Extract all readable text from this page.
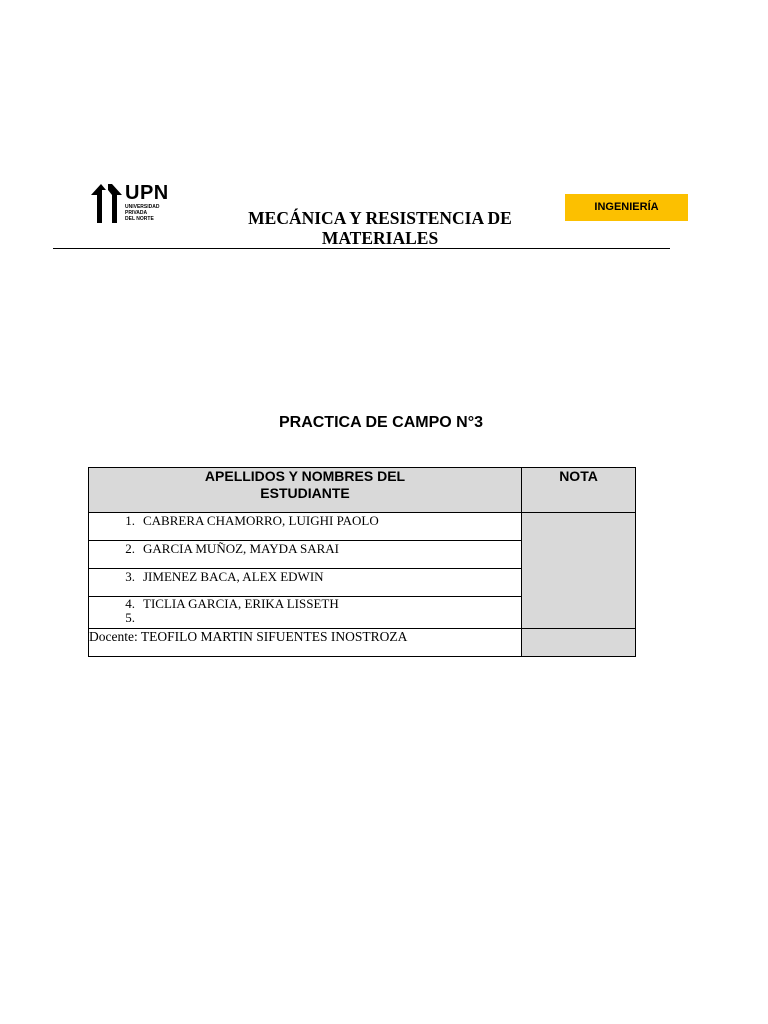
UPN
UNIVERSIDAD
PRIVADA
DEL NORTE	MECÁNICA Y RESISTENCIA DE
MATERIALES
INGENIERÍA
PRACTICA DE CAMPO N°3
APELLIDOS Y NOMBRES DEL
ESTUDIANTE	NOTA
1. CABRERA CHAMORRO, LUIGHI PAOLO	
2. GARCIA MUÑOZ, MAYDA SARAI	
3. JIMENEZ BACA, ALEX EDWIN	

4. TICLIA GARCIA, ERIKA LISSETH
5.	

Docente: TEOFILO MARTIN SIFUENTES INOSTROZA	
